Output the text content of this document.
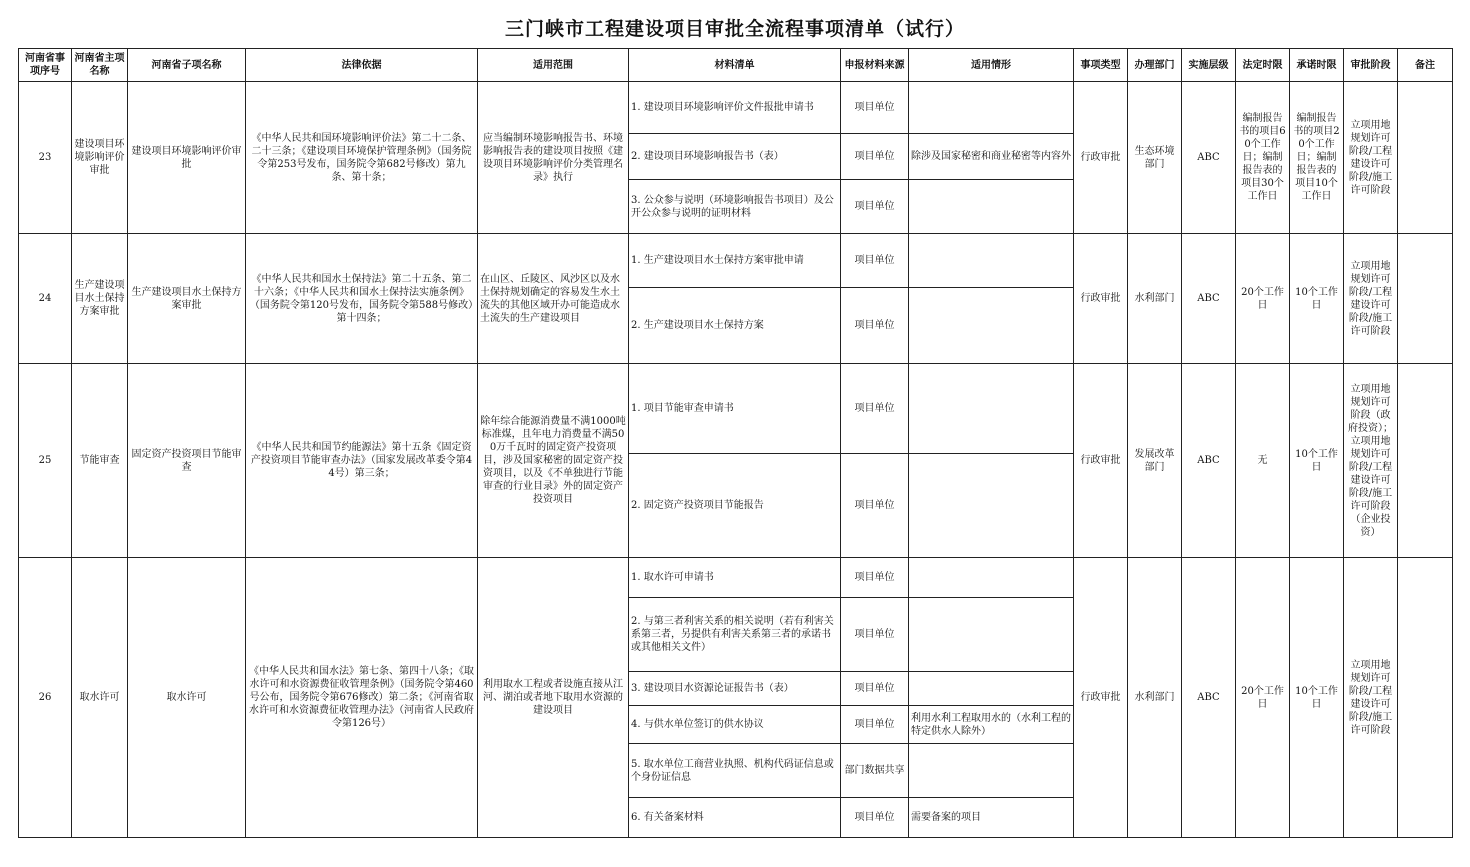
三门峡市工程建设项目审批全流程事项清单（试行）
河南省事项序号	河南省主项名称	河南省子项名称	法律依据	适用范围	材料清单	申报材料来源	适用情形	事项类型	办理部门	实施层级	法定时限	承诺时限	审批阶段	备注
23	建设项目环境影响评价审批	建设项目环境影响评价审批	《中华人民共和国环境影响评价法》第二十二条、二十三条；《建设项目环境保护管理条例》（国务院令第253号发布，国务院令第682号修改）第九条、第十条；	应当编制环境影响报告书、环境影响报告表的建设项目按照《建设项目环境影响评价分类管理名录》执行	1. 建设项目环境影响评价文件报批申请书	项目单位		行政审批	生态环境部门	ABC	编制报告书的项目60个工作日；编制报告表的项目30个工作日	编制报告书的项目20个工作日；编制报告表的项目10个工作日	立项用地规划许可阶段/工程建设许可阶段/施工许可阶段	
					2. 建设项目环境影响报告书（表）	项目单位	除涉及国家秘密和商业秘密等内容外							
					3. 公众参与说明（环境影响报告书项目）及公开公众参与说明的证明材料	项目单位								
24	生产建设项目水土保持方案审批	生产建设项目水土保持方案审批	《中华人民共和国水土保持法》第二十五条、第二十六条；《中华人民共和国水土保持法实施条例》（国务院令第120号发布，国务院令第588号修改）第十四条；	在山区、丘陵区、风沙区以及水土保持规划确定的容易发生水土流失的其他区域开办可能造成水土流失的生产建设项目	1. 生产建设项目水土保持方案审批申请	项目单位		行政审批	水利部门	ABC	20个工作日	10个工作日	立项用地规划许可阶段/工程建设许可阶段/施工许可阶段	
					2. 生产建设项目水土保持方案	项目单位								
25	节能审查	固定资产投资项目节能审查	《中华人民共和国节约能源法》第十五条《固定资产投资项目节能审查办法》（国家发展改革委令第44号）第三条；	除年综合能源消费量不满1000吨标准煤，且年电力消费量不满500万千瓦时的固定资产投资项目，涉及国家秘密的固定资产投资项目，以及《不单独进行节能审查的行业目录》外的固定资产投资项目	1. 项目节能审查申请书	项目单位		行政审批	发展改革部门	ABC	无	10个工作日	立项用地规划许可阶段（政府投资）；立项用地规划许可阶段/工程建设许可阶段/施工许可阶段（企业投资）	
					2. 固定资产投资项目节能报告	项目单位								
26	取水许可	取水许可	《中华人民共和国水法》第七条、第四十八条；《取水许可和水资源费征收管理条例》（国务院令第460号公布，国务院令第676修改）第二条；《河南省取水许可和水资源费征收管理办法》（河南省人民政府令第126号）	利用取水工程或者设施直接从江河、湖泊或者地下取用水资源的建设项目	1. 取水许可申请书	项目单位		行政审批	水利部门	ABC	20个工作日	10个工作日	立项用地规划许可阶段/工程建设许可阶段/施工许可阶段	
					2. 与第三者利害关系的相关说明（若有利害关系第三者，另提供有利害关系第三者的承诺书或其他相关文件）	项目单位								
					3. 建设项目水资源论证报告书（表）	项目单位								
					4. 与供水单位签订的供水协议	项目单位	利用水利工程取用水的（水利工程的特定供水人除外）							
					5. 取水单位工商营业执照、机构代码证信息或个身份证信息	部门数据共享								
					6. 有关备案材料	项目单位	需要备案的项目							
